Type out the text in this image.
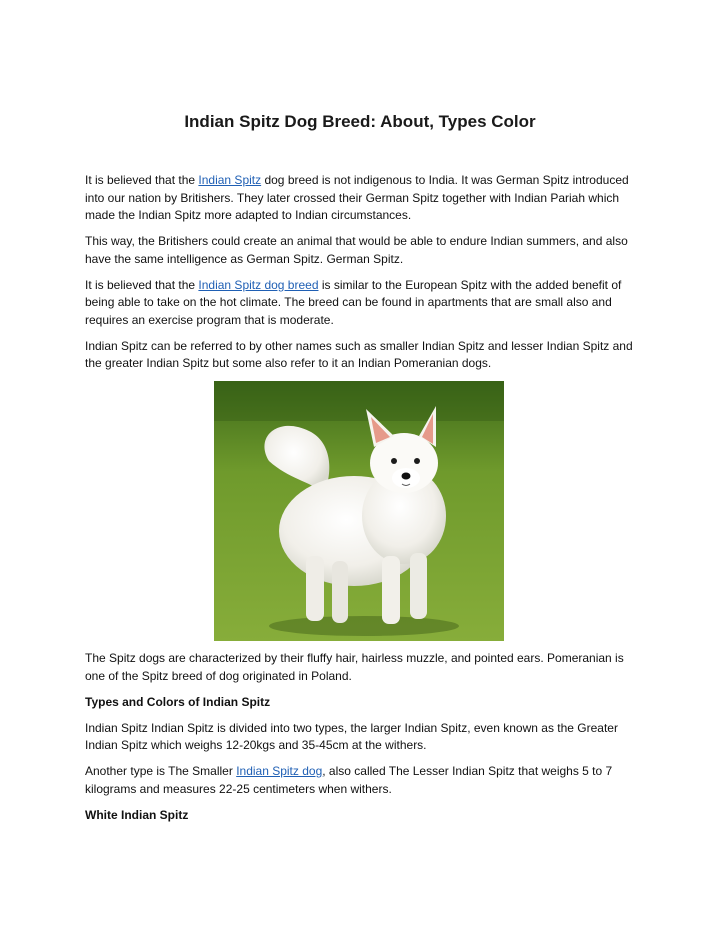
Indian Spitz Dog Breed: About, Types Color

It is believed that the Indian Spitz dog breed is not indigenous to India. It was German Spitz introduced into our nation by Britishers. They later crossed their German Spitz together with Indian Pariah which made the Indian Spitz more adapted to Indian circumstances.

This way, the Britishers could create an animal that would be able to endure Indian summers, and also have the same intelligence as German Spitz. German Spitz.

It is believed that the Indian Spitz dog breed is similar to the European Spitz with the added benefit of being able to take on the hot climate. The breed can be found in apartments that are small also and requires an exercise program that is moderate.

Indian Spitz can be referred to by other names such as smaller Indian Spitz and lesser Indian Spitz and the greater Indian Spitz but some also refer to it an Indian Pomeranian dogs.

The Spitz dogs are characterized by their fluffy hair, hairless muzzle, and pointed ears. Pomeranian is one of the Spitz breed of dog originated in Poland.

Types and Colors of Indian Spitz

Indian Spitz Indian Spitz is divided into two types, the larger Indian Spitz, even known as the Greater Indian Spitz which weighs 12-20kgs and 35-45cm at the withers.

Another type is The Smaller Indian Spitz dog, also called The Lesser Indian Spitz that weighs 5 to 7 kilograms and measures 22-25 centimeters when withers.

White Indian Spitz
